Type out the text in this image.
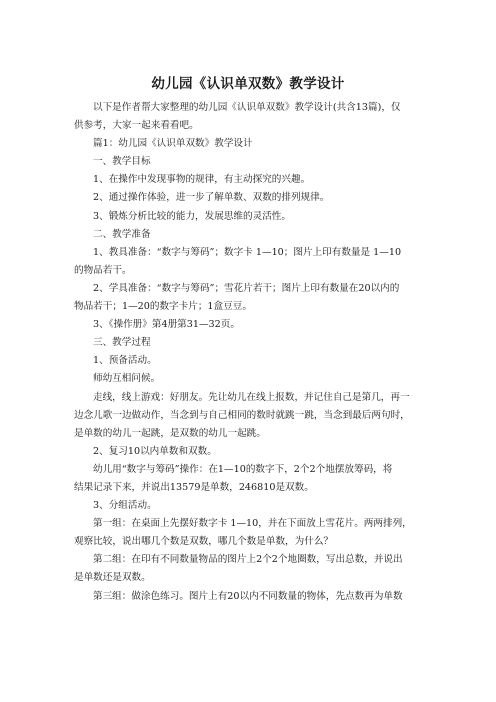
幼儿园《认识单双数》教学设计

以下是作者帮大家整理的幼儿园《认识单双数》教学设计(共含13篇)，仅

供参考，大家一起来看看吧。

篇1：幼儿园《认识单双数》教学设计

一、教学目标

1、在操作中发现事物的规律，有主动探究的兴趣。

2、通过操作体验，进一步了解单数、双数的排列规律。

3、锻炼分析比较的能力，发展思维的灵活性。

二、教学准备

1、教具准备：“数字与筹码”；数字卡 1—10；图片上印有数量是 1—10

的物品若干。

2、学具准备：“数字与筹码”；雪花片若干；图片上印有数量在20以内的

物品若干；1—20的数字卡片；1盒豆豆。

3、《操作册》第4册第31—32页。

三、教学过程

1、预备活动。

师幼互相问候。

走线，线上游戏：好朋友。先让幼儿在线上报数，并记住自己是第几，再一

边念儿歌一边做动作，当念到与自己相同的数时就跳一跳，当念到最后两句时，

是单数的幼儿一起跳，是双数的幼儿一起跳。

2、复习10以内单数和双数。

幼儿用“数字与筹码”操作：在1—10的数字下，2个2个地摆放筹码，将

结果记录下来，并说出13579是单数，246810是双数。

3、分组活动。

第一组：在桌面上先摆好数字卡 1—10，并在下面放上雪花片。两两排列，

观察比较，说出哪几个数是双数，哪几个数是单数，为什么？

第二组：在印有不同数量物品的图片上2个2个地圈数，写出总数，并说出

是单数还是双数。

第三组：做涂色练习。图片上有20以内不同数量的物体，先点数再为单数
